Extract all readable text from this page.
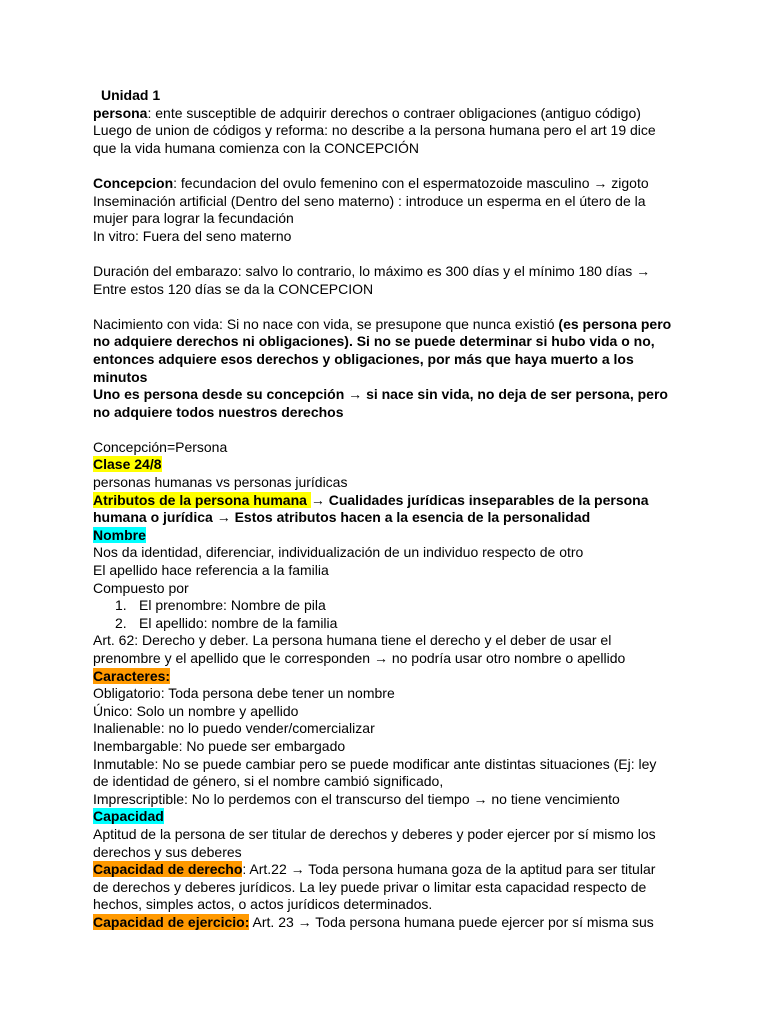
Unidad 1
persona: ente susceptible de adquirir derechos o contraer obligaciones (antiguo código)
Luego de union de códigos y reforma: no describe a la persona humana pero el art 19 dice que la vida humana comienza con la CONCEPCIÓN
Concepcion: fecundacion del ovulo femenino con el espermatozoide masculino → zigoto
Inseminación artificial (Dentro del seno materno) : introduce un esperma en el útero de la mujer para lograr la fecundación
In vitro: Fuera del seno materno
Duración del embarazo: salvo lo contrario, lo máximo es 300 días y el mínimo 180 días → Entre estos 120 días se da la CONCEPCION
Nacimiento con vida: Si no nace con vida, se presupone que nunca existió (es persona pero no adquiere derechos ni obligaciones). Si no se puede determinar si hubo vida o no, entonces adquiere esos derechos y obligaciones, por más que haya muerto a los minutos
Uno es persona desde su concepción → si nace sin vida, no deja de ser persona, pero no adquiere todos nuestros derechos
Concepción=Persona
Clase 24/8
personas humanas vs personas jurídicas
Atributos de la persona humana → Cualidades jurídicas inseparables de la persona humana o jurídica → Estos atributos hacen a la esencia de la personalidad
Nombre
Nos da identidad, diferenciar, individualización de un individuo respecto de otro
El apellido hace referencia a la familia
Compuesto por
1. El prenombre: Nombre de pila
2. El apellido: nombre de la familia
Art. 62: Derecho y deber. La persona humana tiene el derecho y el deber de usar el prenombre y el apellido que le corresponden → no podría usar otro nombre o apellido
Caracteres:
Obligatorio: Toda persona debe tener un nombre
Único: Solo un nombre y apellido
Inalienable: no lo puedo vender/comercializar
Inembargable: No puede ser embargado
Inmutable: No se puede cambiar pero se puede modificar ante distintas situaciones (Ej: ley de identidad de género, si el nombre cambió significado,
Imprescriptible: No lo perdemos con el transcurso del tiempo → no tiene vencimiento
Capacidad
Aptitud de la persona de ser titular de derechos y deberes y poder ejercer por sí mismo los derechos y sus deberes
Capacidad de derecho: Art.22 → Toda persona humana goza de la aptitud para ser titular de derechos y deberes jurídicos. La ley puede privar o limitar esta capacidad respecto de hechos, simples actos, o actos jurídicos determinados.
Capacidad de ejercicio: Art. 23 → Toda persona humana puede ejercer por sí misma sus
